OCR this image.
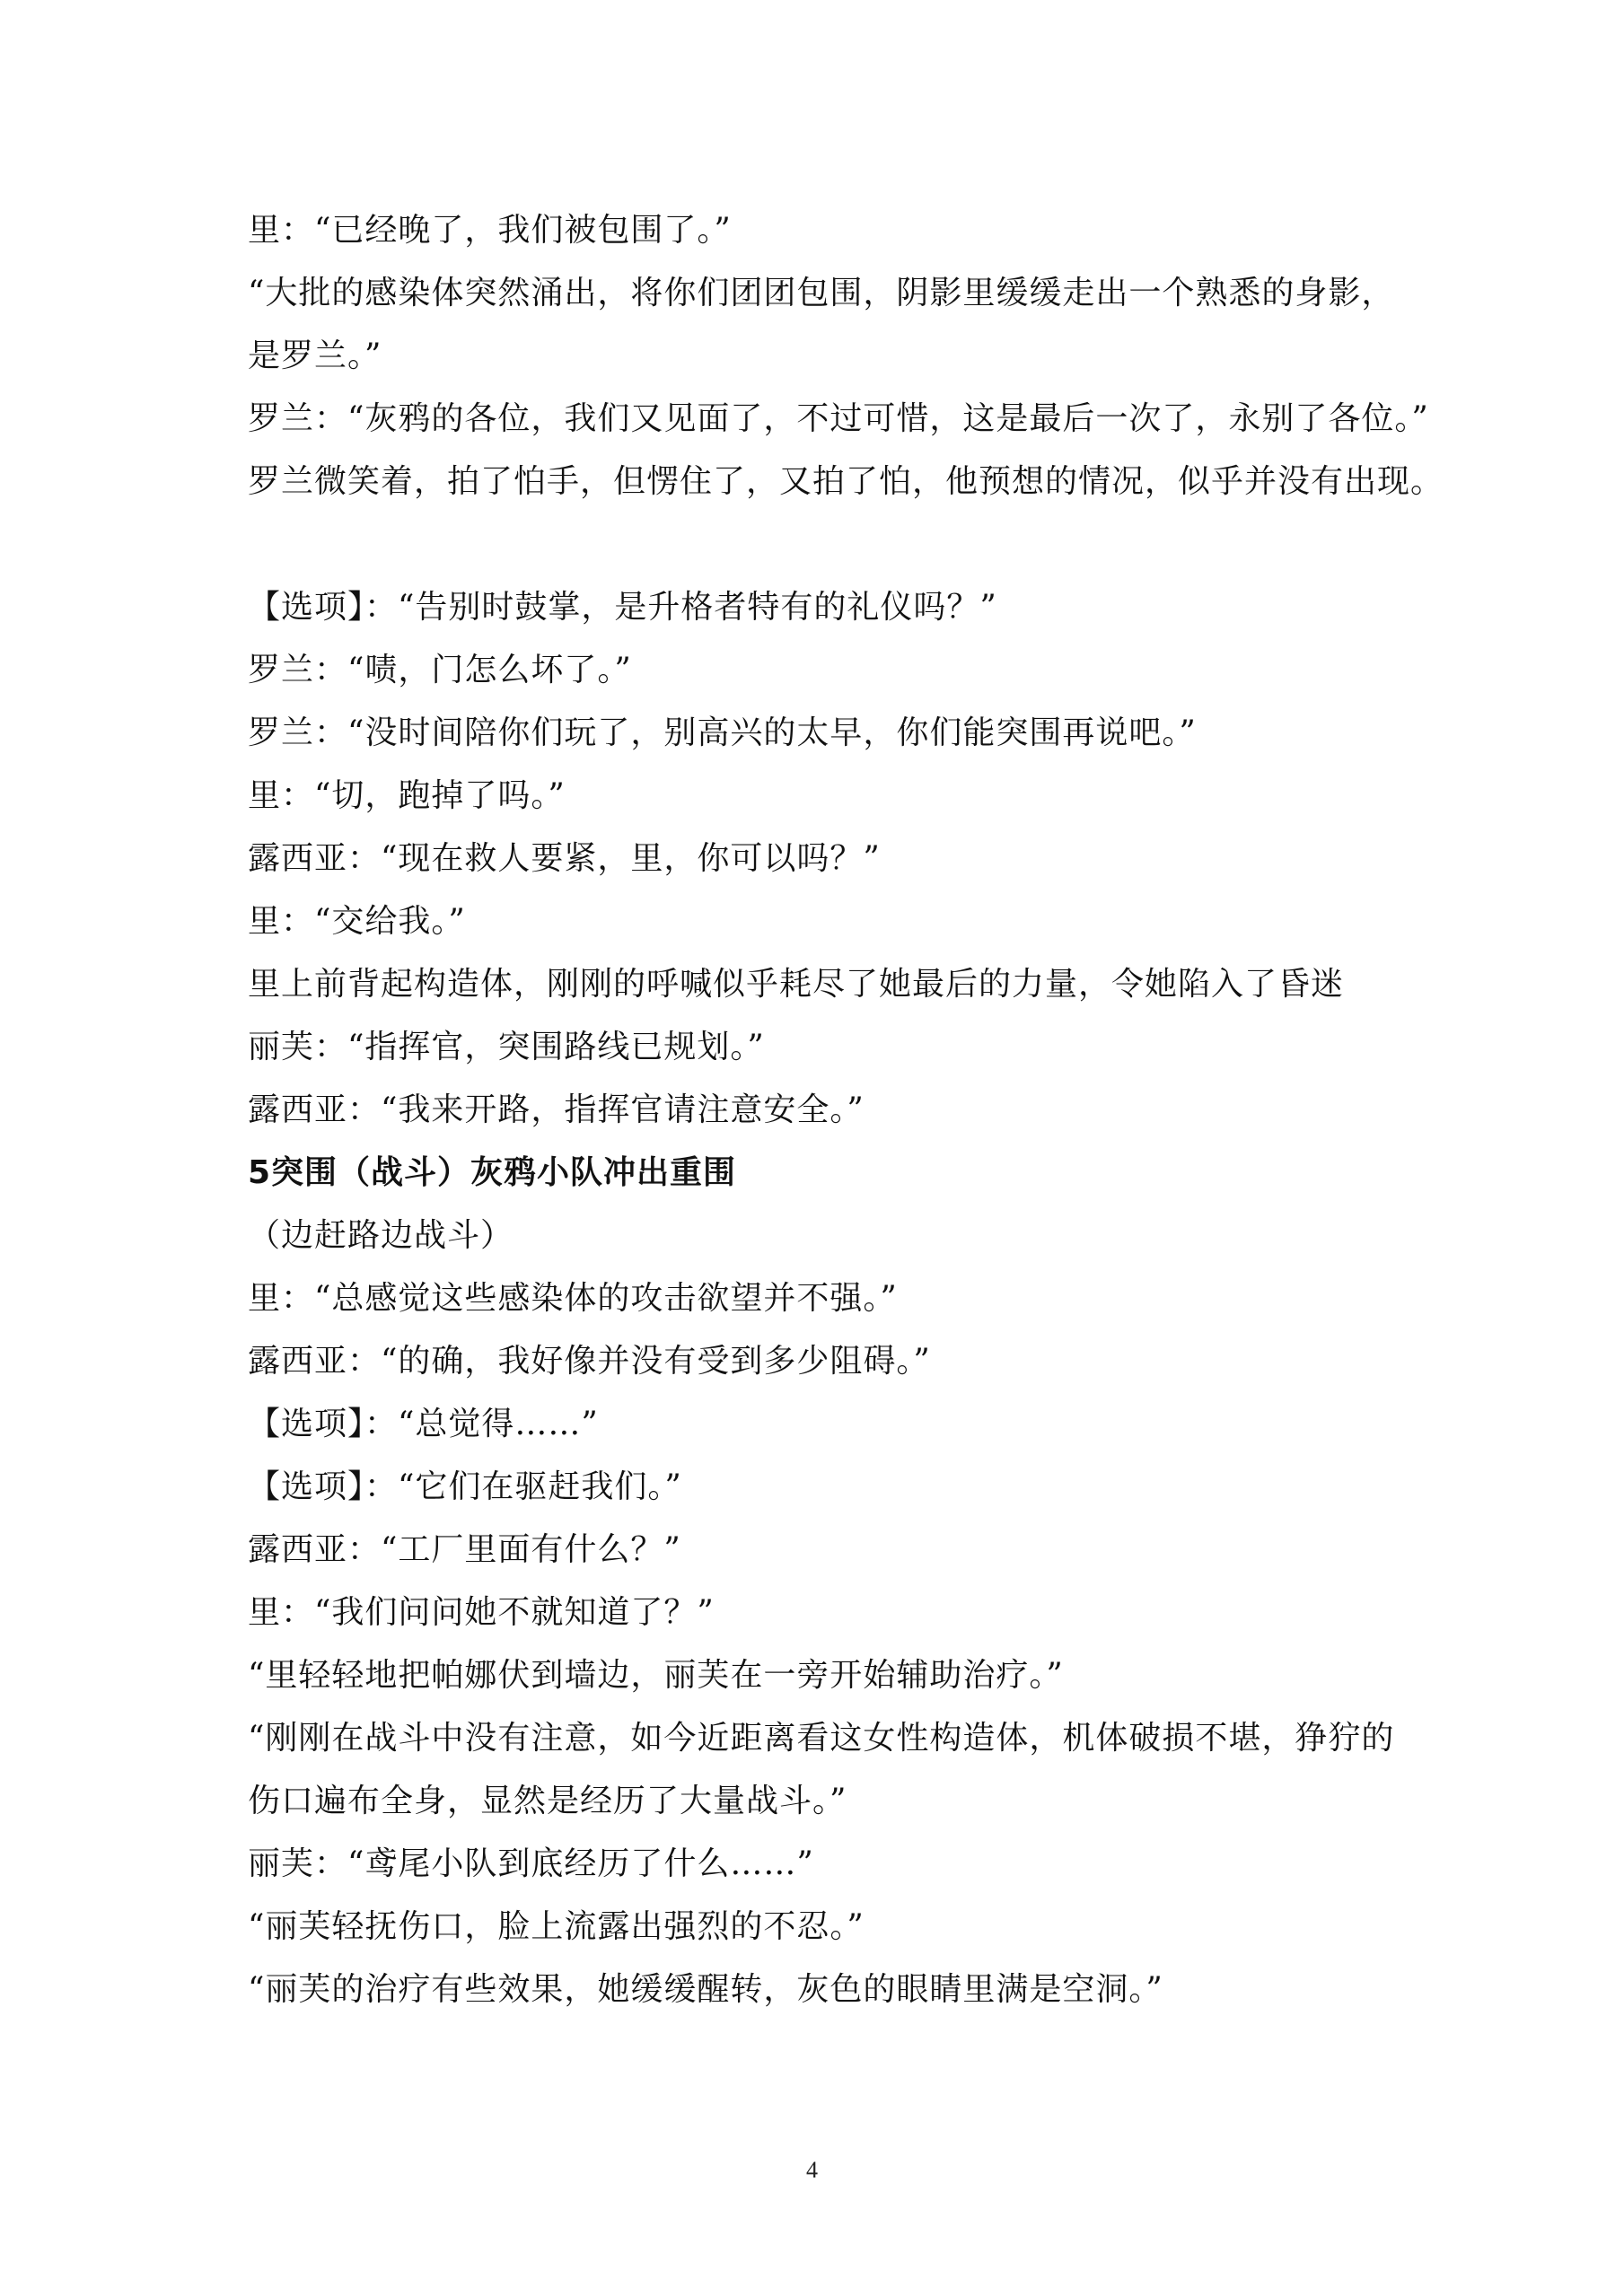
里：“已经晚了，我们被包围了。”
“大批的感染体突然涌出，将你们团团包围，阴影里缓缓走出一个熟悉的身影，
是罗兰。”
罗兰：“灰鸦的各位，我们又见面了，不过可惜，这是最后一次了，永别了各位。”
罗兰微笑着，拍了怕手，但愣住了，又拍了怕，他预想的情况，似乎并没有出现。
【选项】：“告别时鼓掌，是升格者特有的礼仪吗？”
罗兰：“啧，门怎么坏了。”
罗兰：“没时间陪你们玩了，别高兴的太早，你们能突围再说吧。”
里：“切，跑掉了吗。”
露西亚：“现在救人要紧，里，你可以吗？”
里：“交给我。”
里上前背起构造体，刚刚的呼喊似乎耗尽了她最后的力量，令她陷入了昏迷
丽芙：“指挥官，突围路线已规划。”
露西亚：“我来开路，指挥官请注意安全。”
5突围（战斗）灰鸦小队冲出重围
（边赶路边战斗）
里：“总感觉这些感染体的攻击欲望并不强。”
露西亚：“的确，我好像并没有受到多少阻碍。”
【选项】：“总觉得……”
【选项】：“它们在驱赶我们。”
露西亚：“工厂里面有什么？”
里：“我们问问她不就知道了？”
“里轻轻地把帕娜伏到墙边，丽芙在一旁开始辅助治疗。”
“刚刚在战斗中没有注意，如今近距离看这女性构造体，机体破损不堪，狰狞的
伤口遍布全身，显然是经历了大量战斗。”
丽芙：“鸢尾小队到底经历了什么……”
“丽芙轻抚伤口，脸上流露出强烈的不忍。”
“丽芙的治疗有些效果，她缓缓醒转，灰色的眼睛里满是空洞。”
4
